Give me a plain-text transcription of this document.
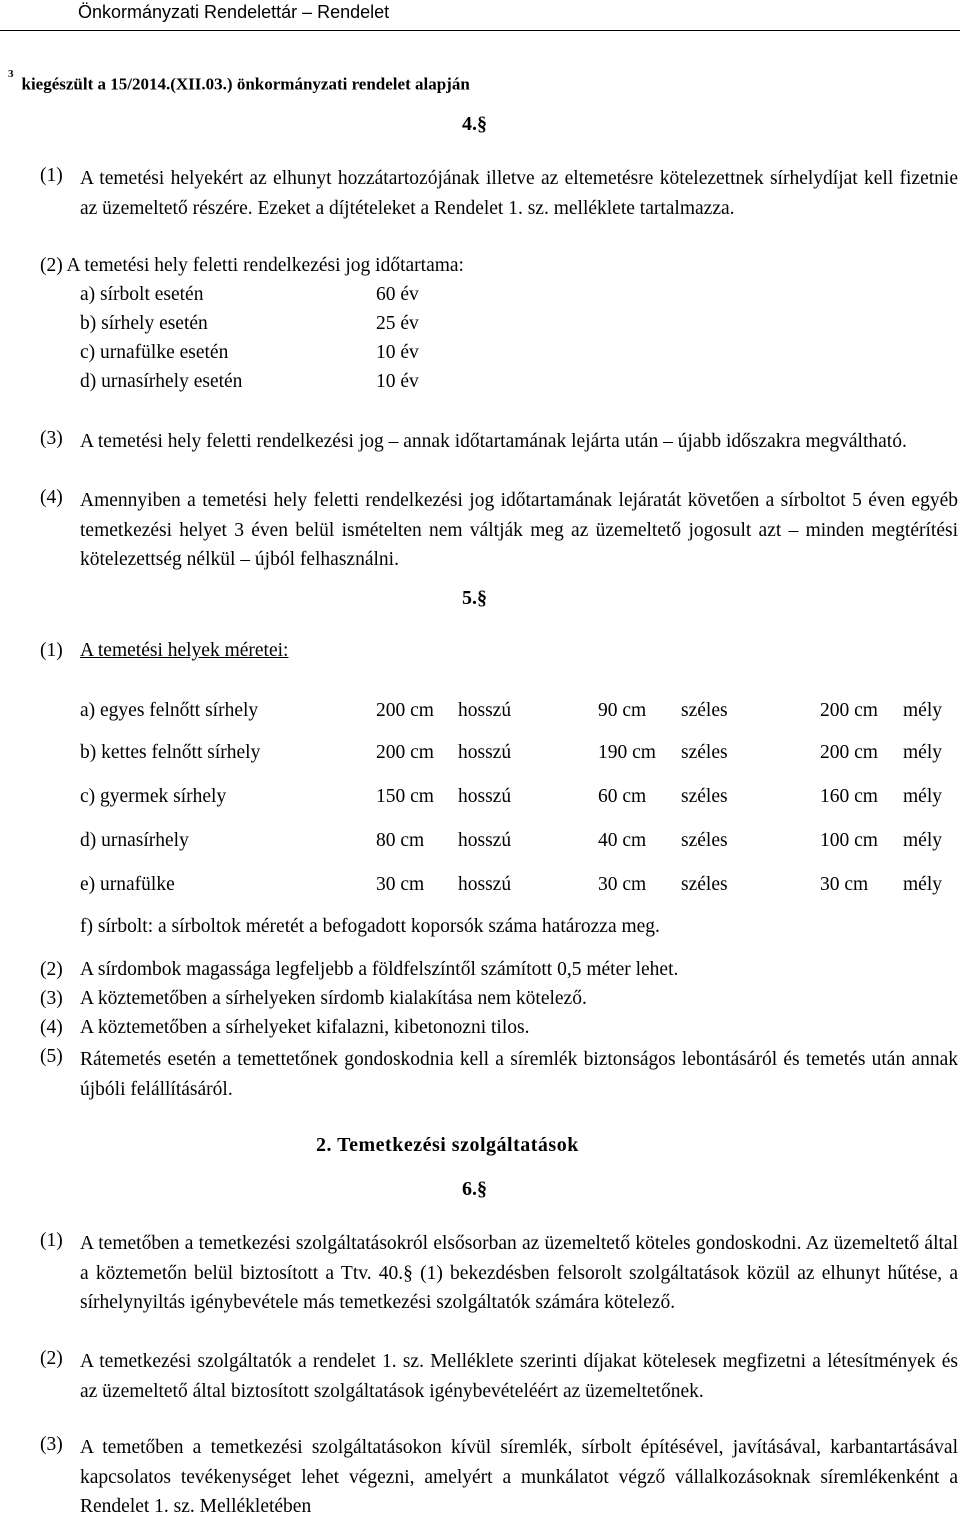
Önkormányzati Rendelettár – Rendelet
$^3$kiegészült a 15/2014.(XII.03.) önkormányzati rendelet alapján
4.§
(1) A temetési helyekért az elhunyt hozzátartozójának illetve az eltemetésre kötelezettnek sírhelydíjat kell fizetnie az üzemeltető részére. Ezeket a díjtételeket a Rendelet 1. sz. melléklete tartalmazza.
(2) A temetési hely feletti rendelkezési jog időtartama:
a) sírbolt esetén	60 év
b) sírhely esetén	25 év
c) urnafülke esetén	10 év
d) urnasírhely esetén	10 év
(3) A temetési hely feletti rendelkezési jog – annak időtartamának lejárta után – újabb időszakra megváltható.
(4) Amennyiben a temetési hely feletti rendelkezési jog időtartamának lejáratát követően a sírboltot 5 éven egyéb temetkezési helyet 3 éven belül ismételten nem váltják meg az üzemeltető jogosult azt – minden megtérítési kötelezettség nélkül – újból felhasználni.
5.§
(1) A temetési helyek méretei:
a) egyes felnőtt sírhely	200 cm hosszú	90 cm széles	200 cm mély
b) kettes felnőtt sírhely	200 cm hosszú	190 cm széles	200 cm mély
c) gyermek sírhely	150 cm hosszú	60 cm széles	160 cm mély
d) urnasírhely	80 cm hosszú	40 cm széles	100 cm mély
e) urnafülke	30 cm hosszú	30 cm széles	30 cm mély
f) sírbolt: a sírboltok méretét a befogadott koporsók száma határozza meg.
(2) A sírdombok magassága legfeljebb a földfelszíntől számított 0,5 méter lehet.
(3) A köztemetőben a sírhelyeken sírdomb kialakítása nem kötelező.
(4) A köztemetőben a sírhelyeket kifalazni, kibetonozni tilos.
(5) Rátemetés esetén a temettetőnek gondoskodnia kell a síremlék biztonságos lebontásáról és temetés után annak újbóli felállításáról.
2. Temetkezési szolgáltatások
6.§
(1) A temetőben a temetkezési szolgáltatásokról elsősorban az üzemeltető köteles gondoskodni. Az üzemeltető által a köztemetőn belül biztosított a Ttv. 40.§ (1) bekezdésben felsorolt szolgáltatások közül az elhunyt hűtése, a sírhelynyiltás igénybevétele más temetkezési szolgáltatók számára kötelező.
(2) A temetkezési szolgáltatók a rendelet 1. sz. Melléklete szerinti díjakat kötelesek megfizetni a létesítmények és az üzemeltető által biztosított szolgáltatások igénybevételéért az üzemeltetőnek.
(3) A temetőben a temetkezési szolgáltatásokon kívül síremlék, sírbolt építésével, javításával, karbantartásával kapcsolatos tevékenységet lehet végezni, amelyért a munkálatot végző vállalkozásoknak síremlékenként a Rendelet 1. sz. Mellékletében
